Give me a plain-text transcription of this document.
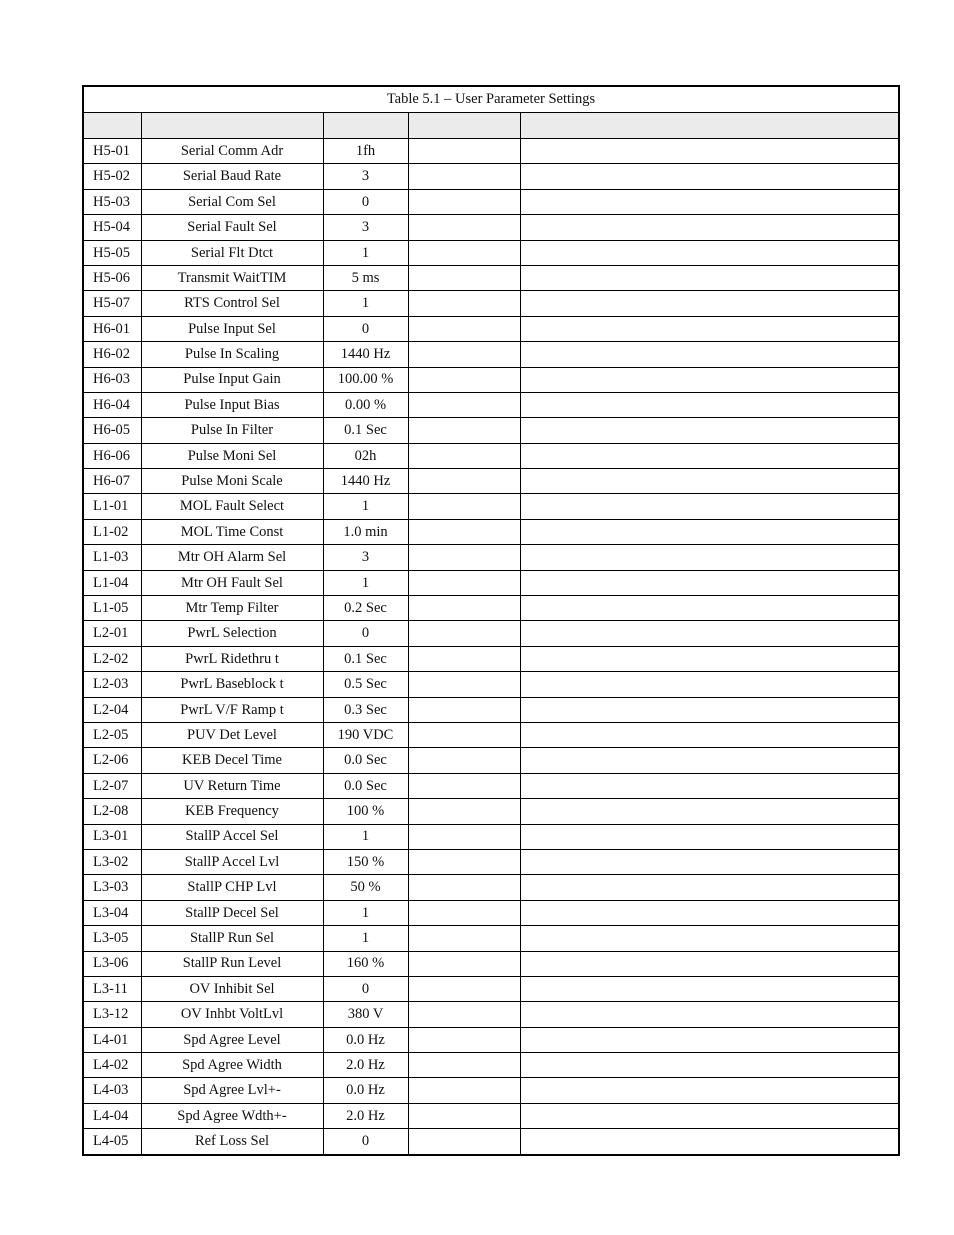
Table 5.1 – User Parameter Settings				

H5-01	Serial Comm Adr	1fh		
H5-02	Serial Baud Rate	3		
H5-03	Serial Com Sel	0		
H5-04	Serial Fault Sel	3		
H5-05	Serial Flt Dtct	1		
H5-06	Transmit WaitTIM	5 ms		
H5-07	RTS Control Sel	1		
H6-01	Pulse Input Sel	0		
H6-02	Pulse In Scaling	1440 Hz		
H6-03	Pulse Input Gain	100.00 %		
H6-04	Pulse Input Bias	0.00 %		
H6-05	Pulse In Filter	0.1 Sec		
H6-06	Pulse Moni Sel	02h		
H6-07	Pulse Moni Scale	1440 Hz		
L1-01	MOL Fault Select	1		
L1-02	MOL Time Const	1.0 min		
L1-03	Mtr OH Alarm Sel	3		
L1-04	Mtr OH Fault Sel	1		
L1-05	Mtr Temp Filter	0.2 Sec		
L2-01	PwrL Selection	0		
L2-02	PwrL Ridethru t	0.1 Sec		
L2-03	PwrL Baseblock t	0.5 Sec		
L2-04	PwrL V/F Ramp t	0.3 Sec		
L2-05	PUV Det Level	190 VDC		
L2-06	KEB Decel Time	0.0 Sec		
L2-07	UV Return Time	0.0 Sec		
L2-08	KEB Frequency	100 %		
L3-01	StallP Accel Sel	1		
L3-02	StallP Accel Lvl	150 %		
L3-03	StallP CHP Lvl	50 %		
L3-04	StallP Decel Sel	1		
L3-05	StallP Run Sel	1		
L3-06	StallP Run Level	160 %		
L3-11	OV Inhibit Sel	0		
L3-12	OV Inhbt VoltLvl	380 V		
L4-01	Spd Agree Level	0.0 Hz		
L4-02	Spd Agree Width	2.0 Hz		
L4-03	Spd Agree Lvl+-	0.0 Hz		
L4-04	Spd Agree Wdth+-	2.0 Hz		
L4-05	Ref Loss Sel	0		
